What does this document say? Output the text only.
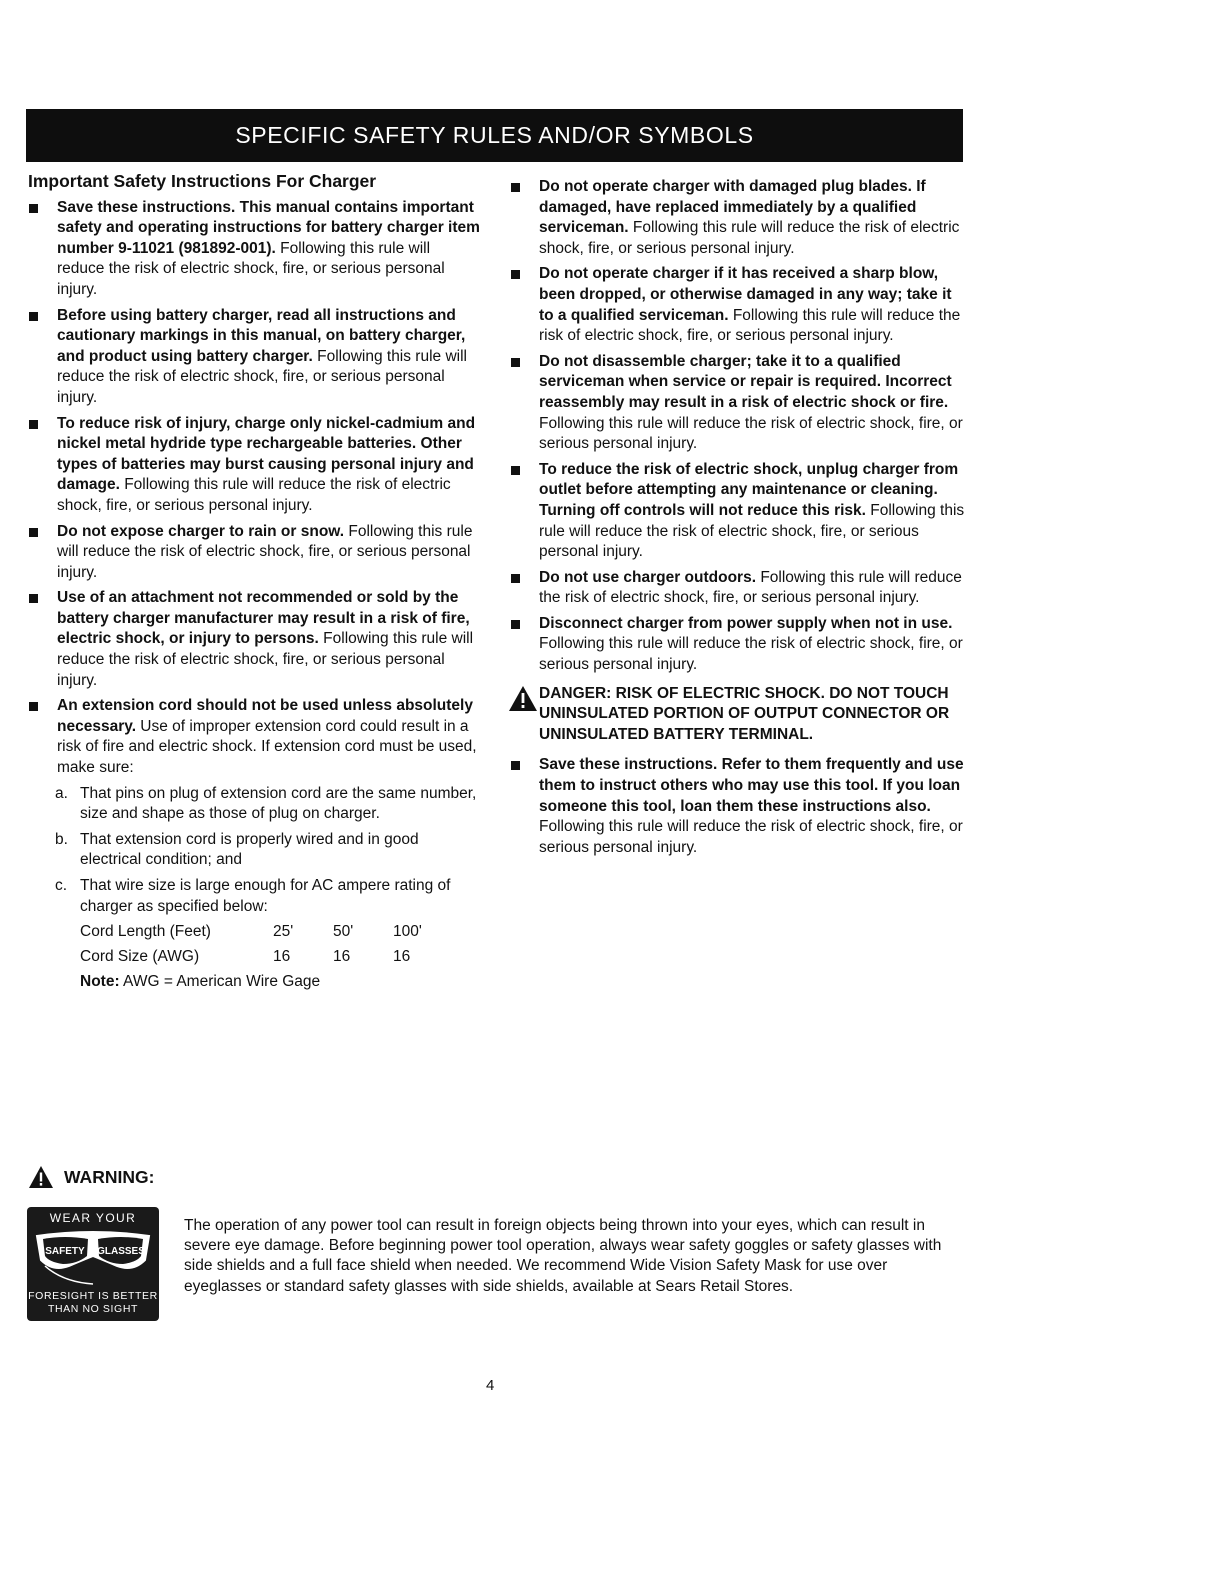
SPECIFIC SAFETY RULES AND/OR SYMBOLS
Important Safety Instructions For Charger
Save these instructions. This manual contains important safety and operating instructions for battery charger item number 9-11021 (981892-001). Following this rule will reduce the risk of electric shock, fire, or serious personal injury.
Before using battery charger, read all instructions and cautionary markings in this manual, on battery charger, and product using battery charger. Following this rule will reduce the risk of electric shock, fire, or serious personal injury.
To reduce risk of injury, charge only nickel-cadmium and nickel metal hydride type rechargeable batteries. Other types of batteries may burst causing personal injury and damage. Following this rule will reduce the risk of electric shock, fire, or serious personal injury.
Do not expose charger to rain or snow. Following this rule will reduce the risk of electric shock, fire, or serious personal injury.
Use of an attachment not recommended or sold by the battery charger manufacturer may result in a risk of fire, electric shock, or injury to persons. Following this rule will reduce the risk of electric shock, fire, or serious personal injury.
An extension cord should not be used unless absolutely necessary. Use of improper extension cord could result in a risk of fire and electric shock. If extension cord must be used, make sure:
a. That pins on plug of extension cord are the same number, size and shape as those of plug on charger.
b. That extension cord is properly wired and in good electrical condition; and
c. That wire size is large enough for AC ampere rating of charger as specified below:
Cord Length (Feet)	25'	50'	100'
Cord Size (AWG)	16	16	16
Note: AWG = American Wire Gage
Do not operate charger with damaged plug blades. If damaged, have replaced immediately by a qualified serviceman. Following this rule will reduce the risk of electric shock, fire, or serious personal injury.
Do not operate charger if it has received a sharp blow, been dropped, or otherwise damaged in any way; take it to a qualified serviceman. Following this rule will reduce the risk of electric shock, fire, or serious personal injury.
Do not disassemble charger; take it to a qualified serviceman when service or repair is required. Incorrect reassembly may result in a risk of electric shock or fire. Following this rule will reduce the risk of electric shock, fire, or serious personal injury.
To reduce the risk of electric shock, unplug charger from outlet before attempting any maintenance or cleaning. Turning off controls will not reduce this risk. Following this rule will reduce the risk of electric shock, fire, or serious personal injury.
Do not use charger outdoors. Following this rule will reduce the risk of electric shock, fire, or serious personal injury.
Disconnect charger from power supply when not in use. Following this rule will reduce the risk of electric shock, fire, or serious personal injury.
DANGER: RISK OF ELECTRIC SHOCK. DO NOT TOUCH UNINSULATED PORTION OF OUTPUT CONNECTOR OR UNINSULATED BATTERY TERMINAL.
Save these instructions. Refer to them frequently and use them to instruct others who may use this tool. If you loan someone this tool, loan them these instructions also. Following this rule will reduce the risk of electric shock, fire, or serious personal injury.
WARNING:
WEAR YOUR
SAFETY GLASSES
FORESIGHT IS BETTER
THAN NO SIGHT
The operation of any power tool can result in foreign objects being thrown into your eyes, which can result in severe eye damage. Before beginning power tool operation, always wear safety goggles or safety glasses with side shields and a full face shield when needed. We recommend Wide Vision Safety Mask for use over eyeglasses or standard safety glasses with side shields, available at Sears Retail Stores.
4
